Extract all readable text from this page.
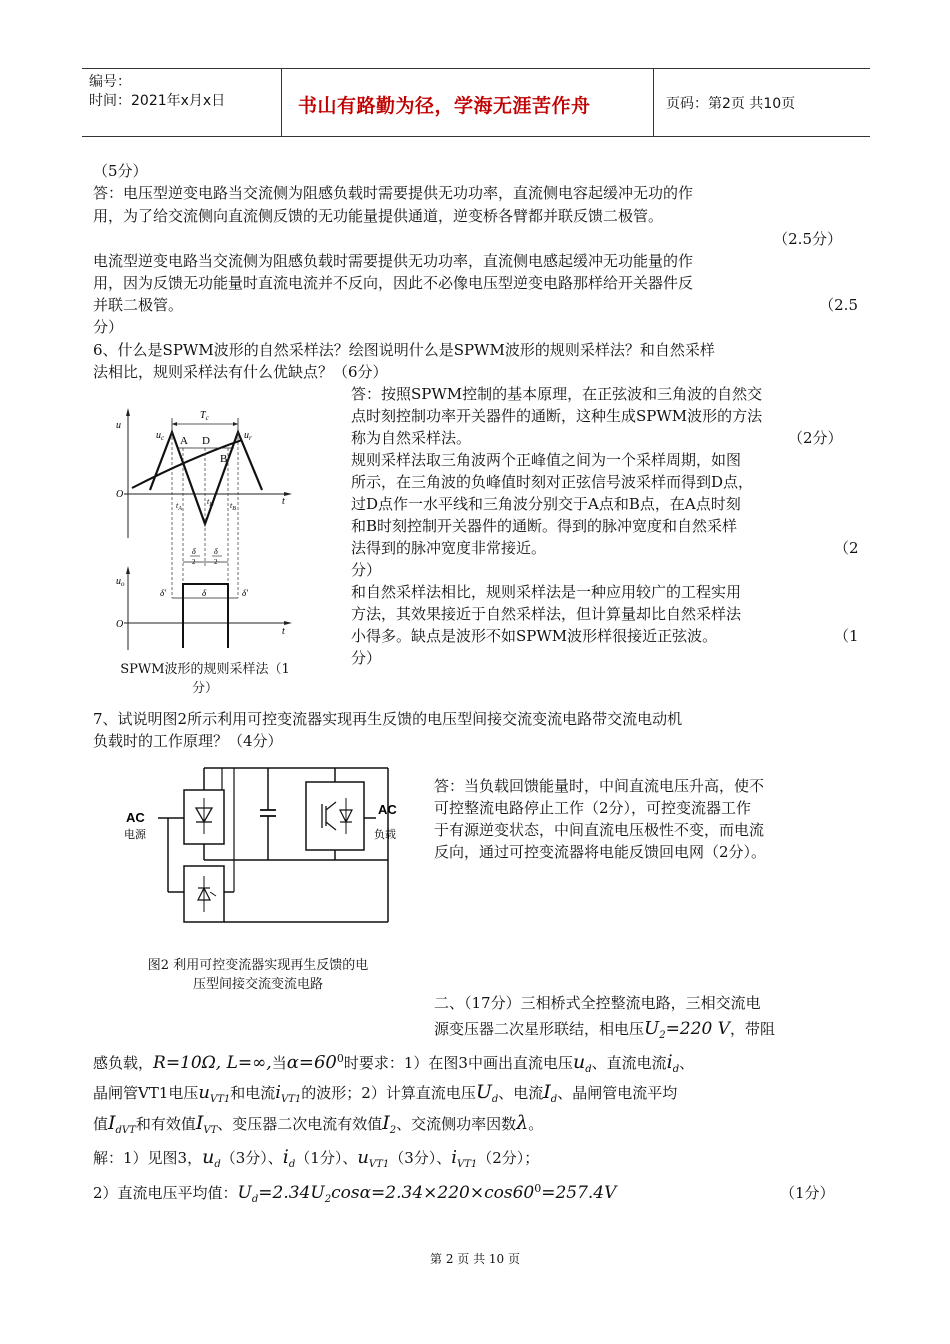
编号：
时间：2021年x月x日	书山有路勤为径，学海无涯苦作舟	页码：第2页 共10页
（5分）
答：电压型逆变电路当交流侧为阻感负载时需要提供无功功率，直流侧电容起缓冲无功的作
用，为了给交流侧向直流侧反馈的无功能量提供通道，逆变桥各臂都并联反馈二极管。
（2.5分）
电流型逆变电路当交流侧为阻感负载时需要提供无功功率，直流侧电感起缓冲无功能量的作
用，因为反馈无功能量时直流电流并不反向，因此不必像电压型逆变电路那样给开关器件反
并联二极管。	（2.5
分）
6、什么是SPWM波形的自然采样法？绘图说明什么是SPWM波形的规则采样法？和自然采样
法相比，规则采样法有什么优缺点？（6分）
答：按照SPWM控制的基本原理，在正弦波和三角波的自然交
点时刻控制功率开关器件的通断，这种生成SPWM波形的方法
称为自然采样法。	（2分）
规则采样法取三角波两个正峰值之间为一个采样周期，如图
所示，在三角波的负峰值时刻对正弦信号波采样而得到D点，
过D点作一水平线和三角波分别交于A点和B点，在A点时刻
和B时刻控制开关器件的通断。得到的脉冲宽度和自然采样
法得到的脉冲宽度非常接近。	（2
分）
和自然采样法相比，规则采样法是一种应用较广的工程实用
方法，其效果接近于自然采样法，但计算量却比自然采样法
小得多。缺点是波形不如SPWM波形样很接近正弦波。	（1
分）
u
O
t
$T_c$
$u_r$
$u_c$ A D
B
$t_A$
$t_D$ $t_B$
δ
2
δ
2
$u_o$
O
t
δ'	δ	δ'
SPWM波形的规则采样法（1
分）
7、试说明图2所示利用可控变流器实现再生反馈的电压型间接交流变流电路带交流电动机
负载时的工作原理？（4分）
答：当负载回馈能量时，中间直流电压升高，使不
可控整流电路停止工作（2分），可控变流器工作
于有源逆变状态，中间直流电压极性不变，而电流
反向，通过可控变流器将电能反馈回电网（2分）。
AC
电源
AC
负载
图2 利用可控变流器实现再生反馈的电
压型间接交流变流电路
二、（17分）三相桥式全控整流电路，三相交流电
源变压器二次星形联结，相电压$U_2=220$ V，带阻
感负载，R=10Ω, L=∞,当$\alpha=60^0$时要求：1）在图3中画出直流电压$u_d$、直流电流$i_d$、
晶闸管VT1电压$u_{VT1}$和电流$i_{VT1}$的波形；2）计算直流电压$U_d$、电流$I_d$、晶闸管电流平均
值$I_{dVT}$和有效值$I_{VT}$、变压器二次电流有效值$I_2$、交流侧功率因数λ。
解：1）见图3，$u_d(3$分）、$i_d(1$分）、$u_{VT1}(3$分）、$i_{VT1}(2$分）；
2）直流电压平均值：$U_d=2.34U_2\cos\alpha=2.34\times 220\times\cos 60^0=257.4V$	（1分）
第 2 页 共 10 页
